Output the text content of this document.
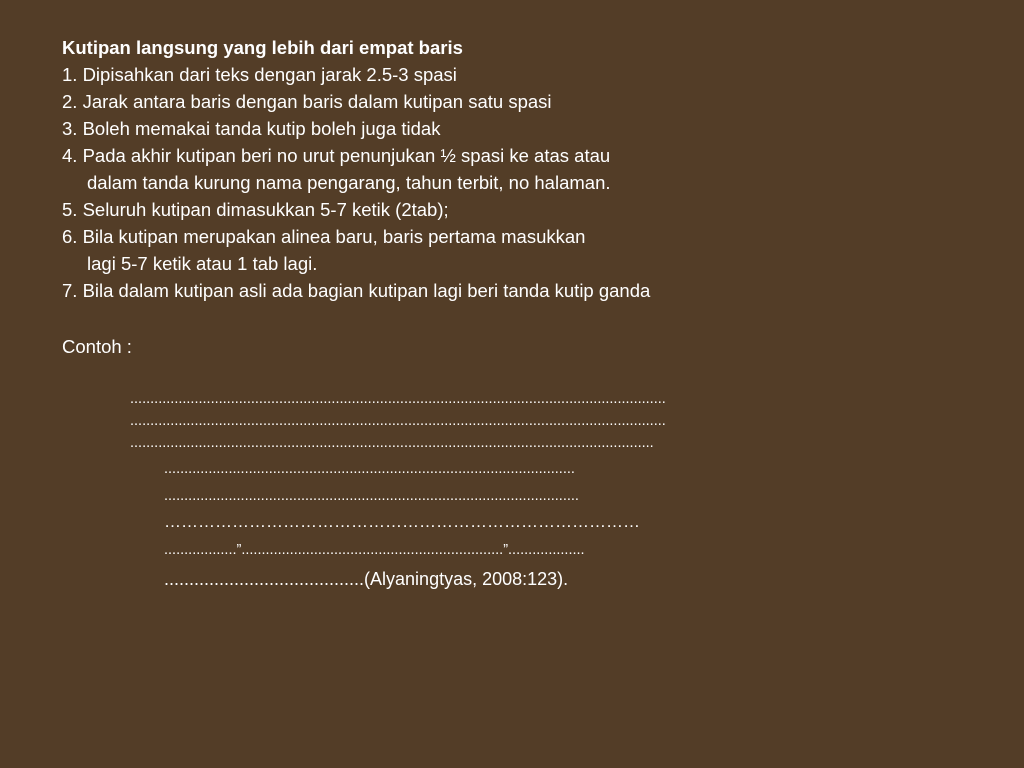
Kutipan langsung yang lebih dari empat baris

1. Dipisahkan dari teks dengan jarak 2.5-3 spasi

2. Jarak antara baris dengan baris dalam kutipan satu spasi

3. Boleh memakai tanda kutip boleh juga tidak

4. Pada akhir kutipan beri no urut penunjukan ½ spasi ke atas atau

dalam tanda kurung nama pengarang, tahun terbit, no halaman.

5. Seluruh kutipan dimasukkan 5-7 ketik (2tab);

6. Bila kutipan merupakan alinea baru, baris pertama masukkan

lagi 5-7 ketik atau 1 tab lagi.

7. Bila dalam kutipan asli ada bagian kutipan lagi beri tanda kutip ganda

Contoh :

.....................................................................................................................................
.....................................................................................................................................
..................................................................................................................................
......................................................................................................
.......................................................................................................
…………………………………………………………………………
..................”.................................................................”...................
........................................(Alyaningtyas, 2008:123).
